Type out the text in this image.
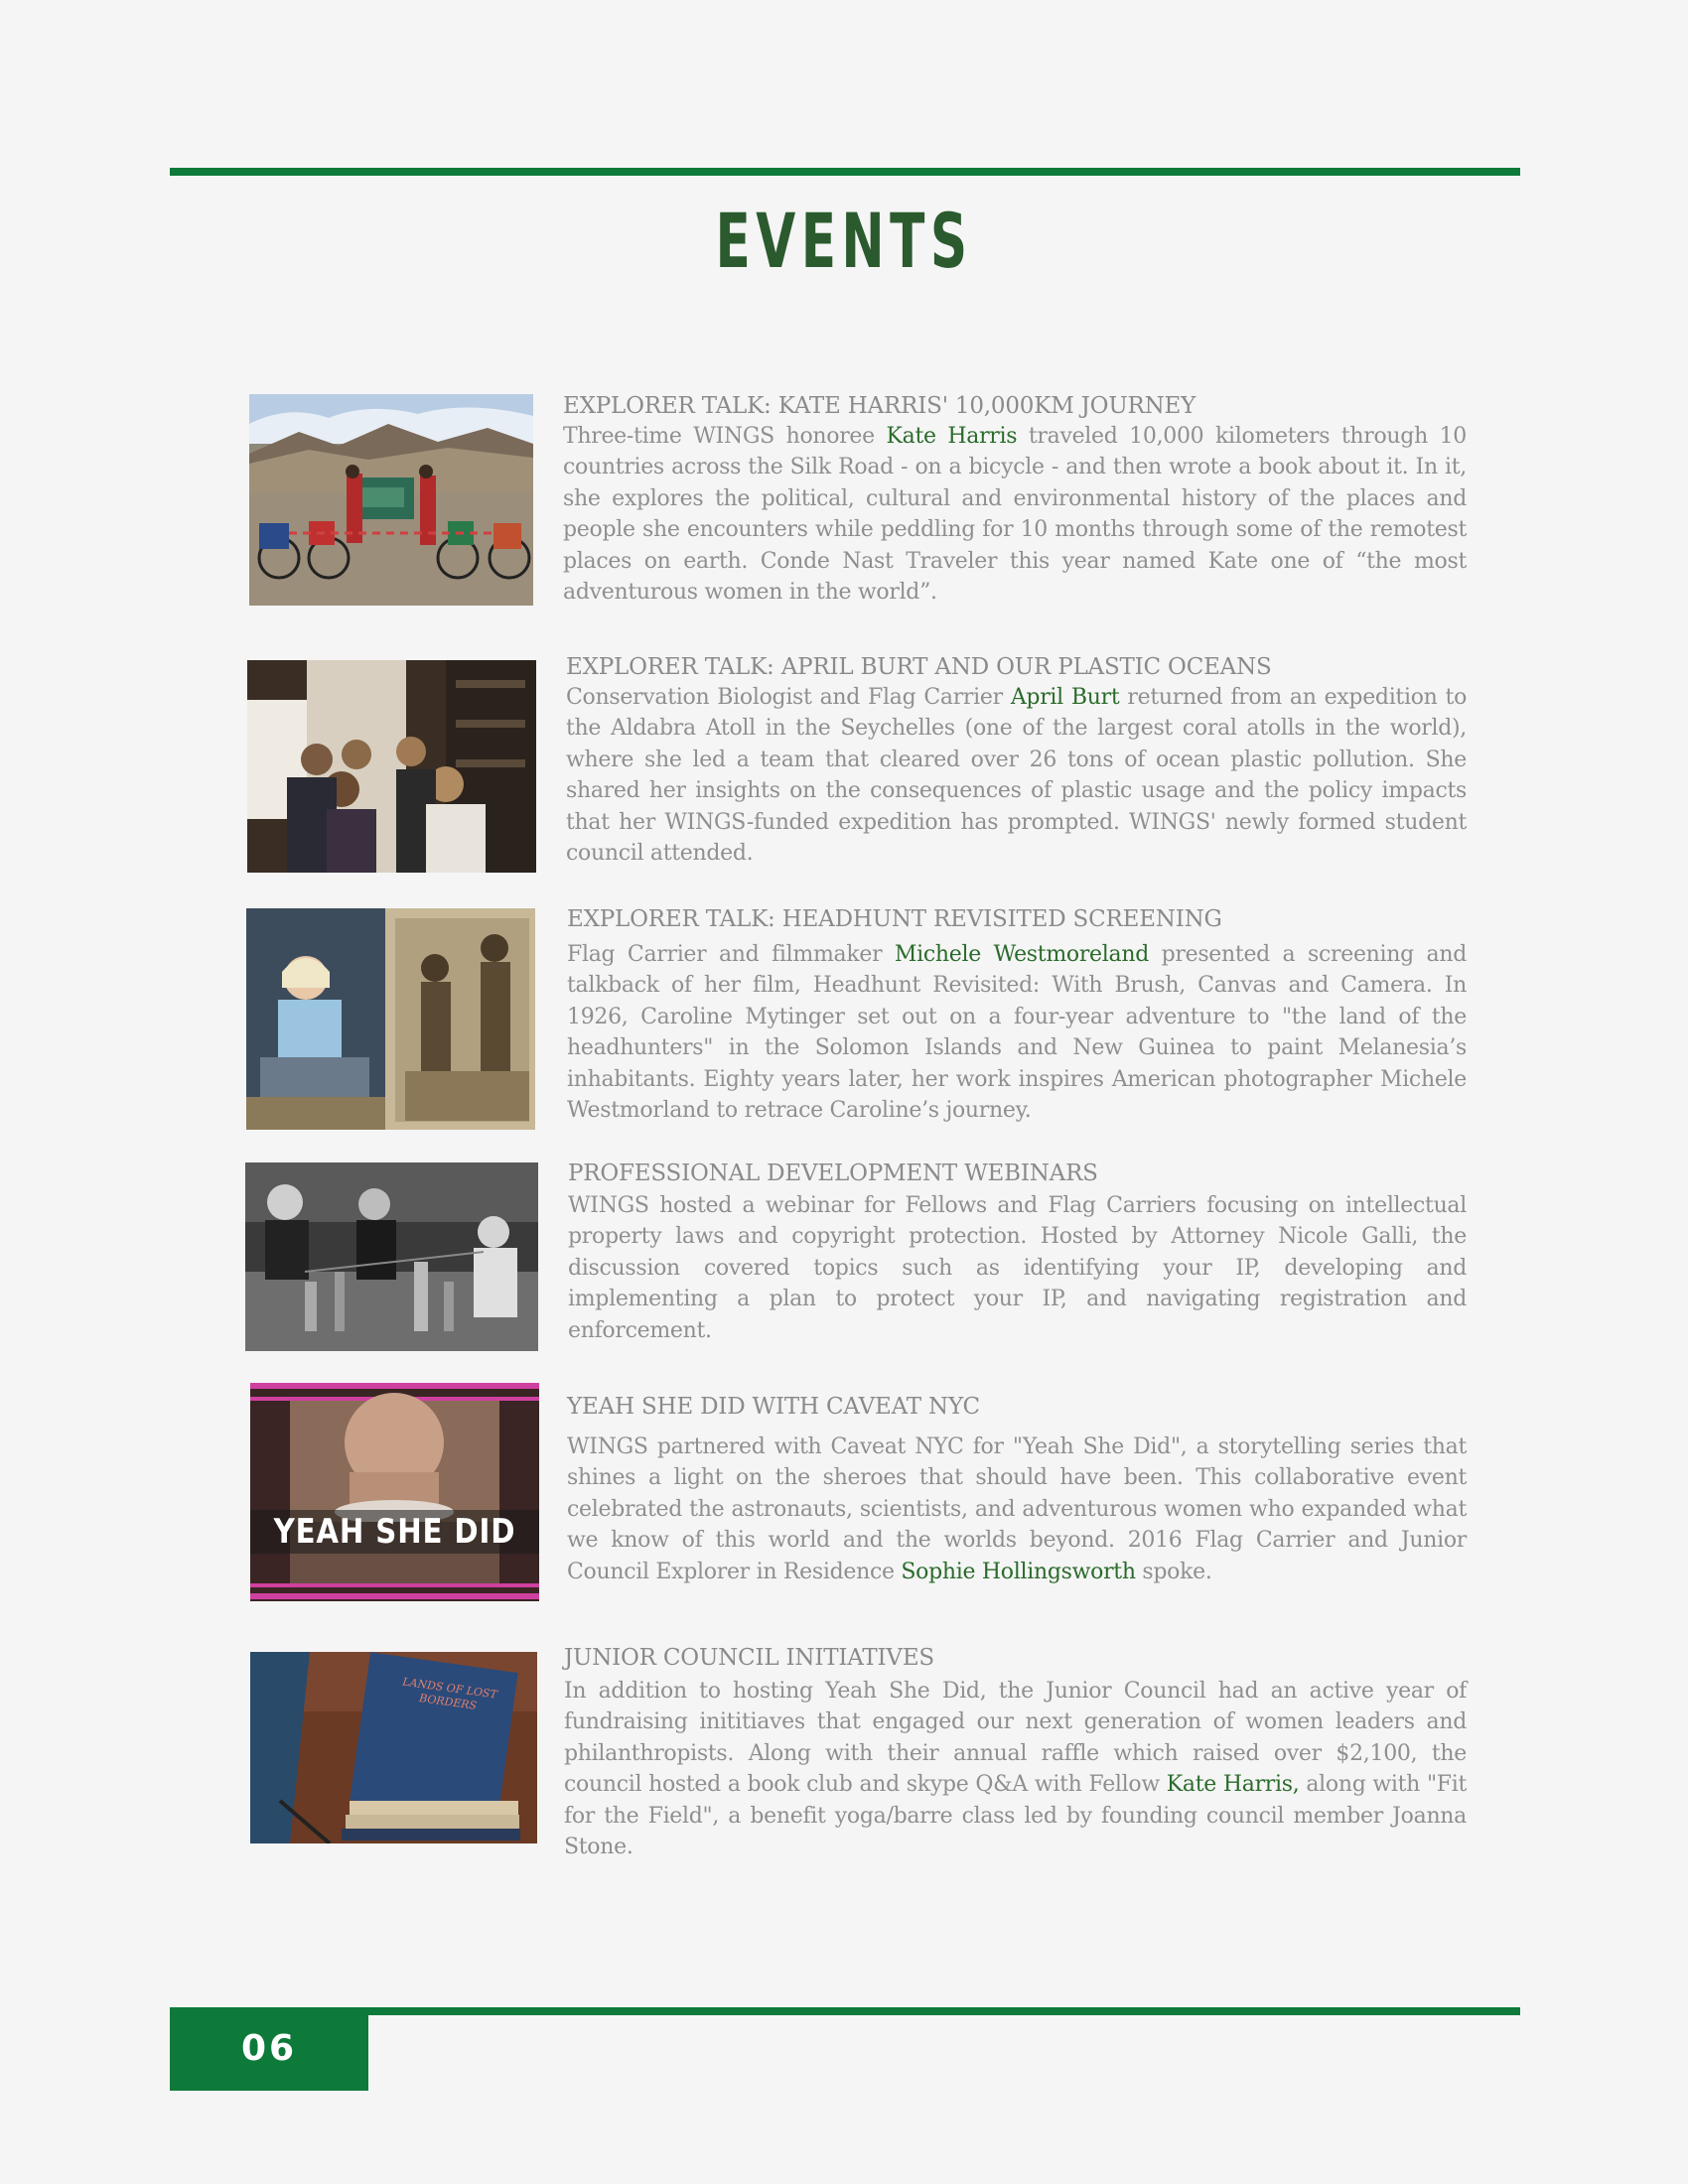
EVENTS
EXPLORER TALK: KATE HARRIS' 10,000KM JOURNEY
Three-time WINGS honoree Kate Harris traveled 10,000 kilometers through 10 countries across the Silk Road - on a bicycle - and then wrote a book about it. In it, she explores the political, cultural and environmental history of the places and people she encounters while peddling for 10 months through some of the remotest places on earth. Conde Nast Traveler this year named Kate one of “the most adventurous women in the world”.
EXPLORER TALK: APRIL BURT AND OUR PLASTIC OCEANS
Conservation Biologist and Flag Carrier April Burt returned from an expedition to the Aldabra Atoll in the Seychelles (one of the largest coral atolls in the world), where she led a team that cleared over 26 tons of ocean plastic pollution. She shared her insights on the consequences of plastic usage and the policy impacts that her WINGS-funded expedition has prompted. WINGS' newly formed student council attended.
EXPLORER TALK: HEADHUNT REVISITED SCREENING
Flag Carrier and filmmaker Michele Westmoreland presented a screening and talkback of her film, Headhunt Revisited: With Brush, Canvas and Camera. In 1926, Caroline Mytinger set out on a four-year adventure to "the land of the headhunters" in the Solomon Islands and New Guinea to paint Melanesia’s inhabitants. Eighty years later, her work inspires American photographer Michele Westmorland to retrace Caroline’s journey.
PROFESSIONAL DEVELOPMENT WEBINARS
WINGS hosted a webinar for Fellows and Flag Carriers focusing on intellectual property laws and copyright protection. Hosted by Attorney Nicole Galli, the discussion covered topics such as identifying your IP, developing and implementing a plan to protect your IP, and navigating registration and enforcement.
YEAH SHE DID
YEAH SHE DID WITH CAVEAT NYC
WINGS partnered with Caveat NYC for "Yeah She Did", a storytelling series that shines a light on the sheroes that should have been. This collaborative event celebrated the astronauts, scientists, and adventurous women who expanded what we know of this world and the worlds beyond. 2016 Flag Carrier and Junior Council Explorer in Residence Sophie Hollingsworth spoke.
LANDS OF LOST BORDERS
JUNIOR COUNCIL INITIATIVES
In addition to hosting Yeah She Did, the Junior Council had an active year of fundraising inititiaves that engaged our next generation of women leaders and philanthropists. Along with their annual raffle which raised over $2,100, the council hosted a book club and skype Q&A with Fellow Kate Harris, along with "Fit for the Field", a benefit yoga/barre class led by founding council member Joanna Stone.
06
